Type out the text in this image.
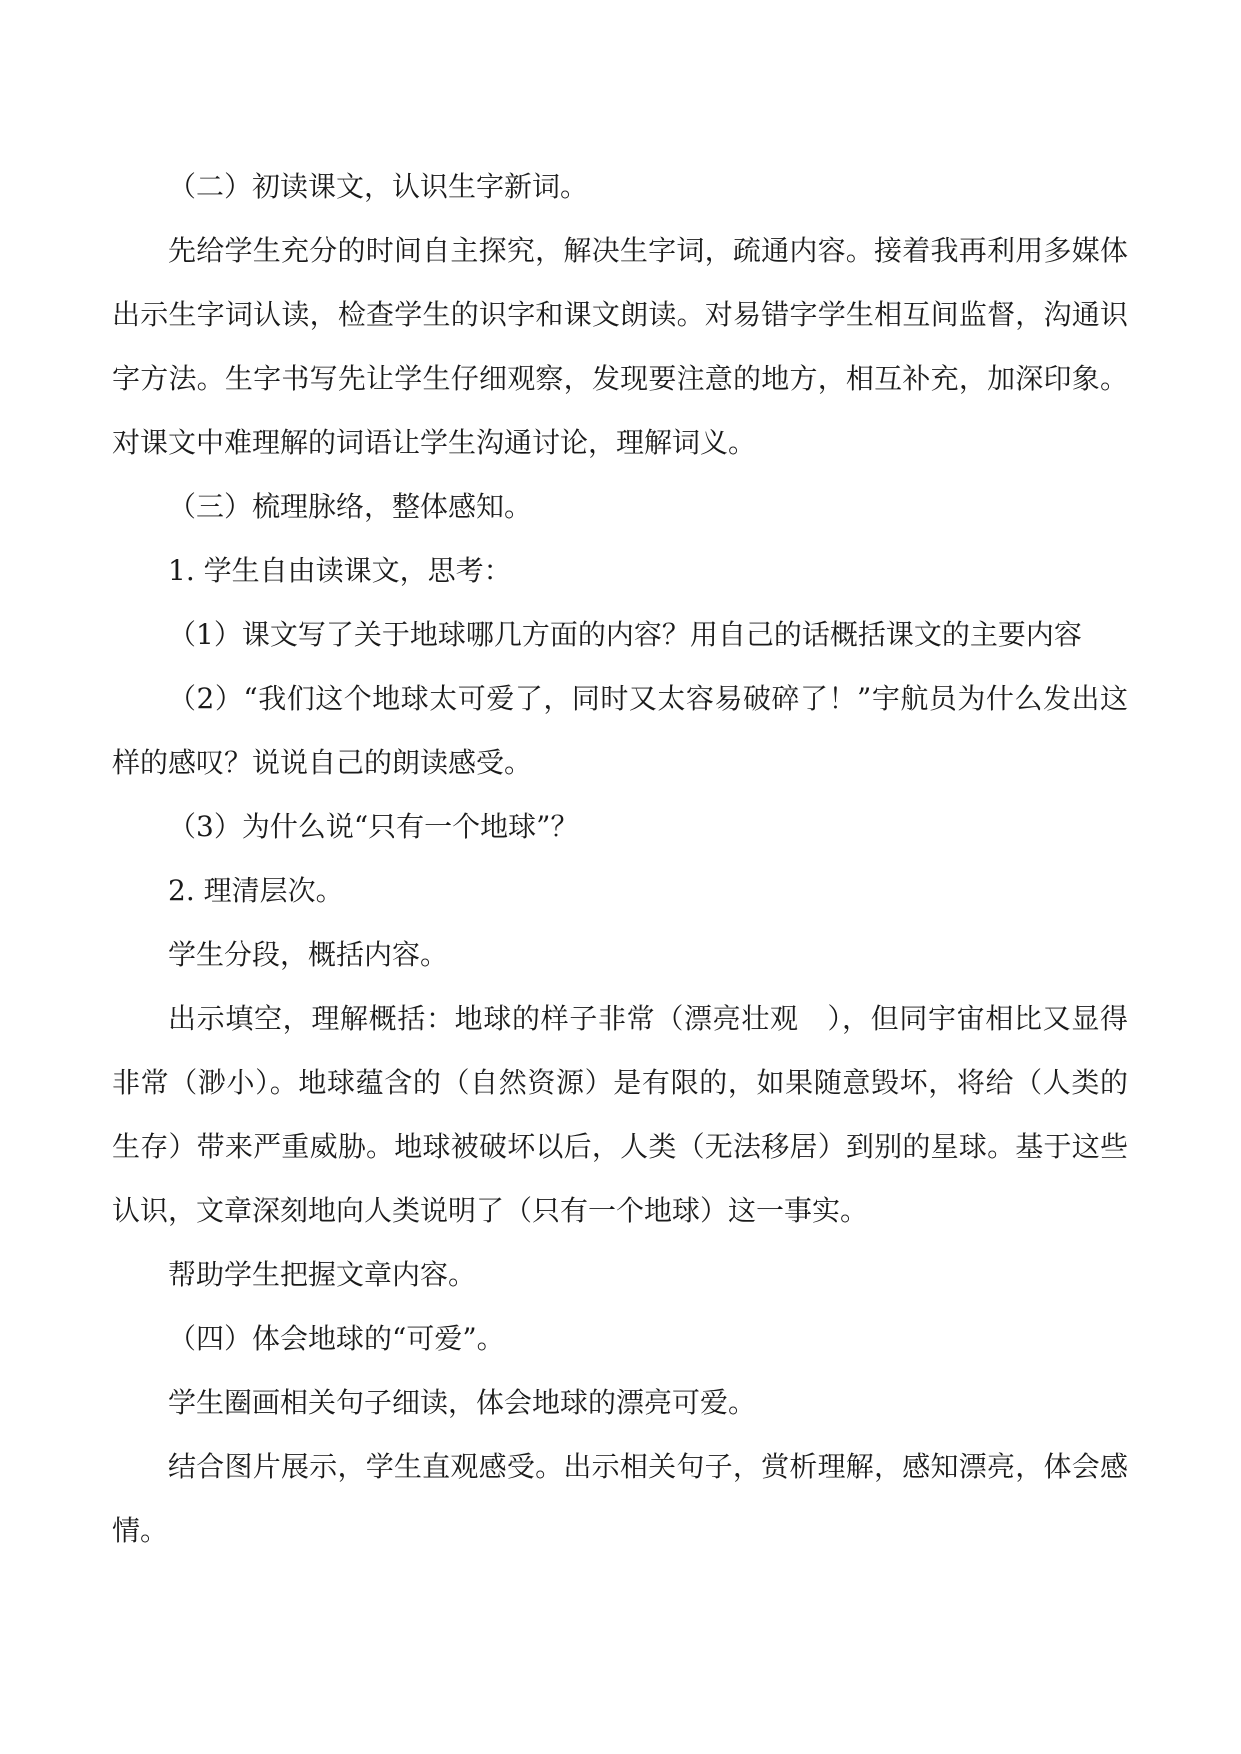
（二）初读课文，认识生字新词。

先给学生充分的时间自主探究，解决生字词，疏通内容。接着我再利用多媒体出示生字词认读，检查学生的识字和课文朗读。对易错字学生相互间监督，沟通识字方法。生字书写先让学生仔细观察，发现要注意的地方，相互补充，加深印象。对课文中难理解的词语让学生沟通讨论，理解词义。

（三）梳理脉络，整体感知。

1. 学生自由读课文，思考：

（1）课文写了关于地球哪几方面的内容？用自己的话概括课文的主要内容

（2）“我们这个地球太可爱了，同时又太容易破碎了！”宇航员为什么发出这样的感叹？说说自己的朗读感受。

（3）为什么说“只有一个地球”？

2. 理清层次。

学生分段，概括内容。

出示填空，理解概括：地球的样子非常（漂亮壮观　），但同宇宙相比又显得非常（渺小）。地球蕴含的（自然资源）是有限的，如果随意毁坏，将给（人类的生存）带来严重威胁。地球被破坏以后，人类（无法移居）到别的星球。基于这些认识，文章深刻地向人类说明了（只有一个地球）这一事实。

帮助学生把握文章内容。

（四）体会地球的“可爱”。

学生圈画相关句子细读，体会地球的漂亮可爱。

结合图片展示，学生直观感受。出示相关句子，赏析理解，感知漂亮，体会感情。
